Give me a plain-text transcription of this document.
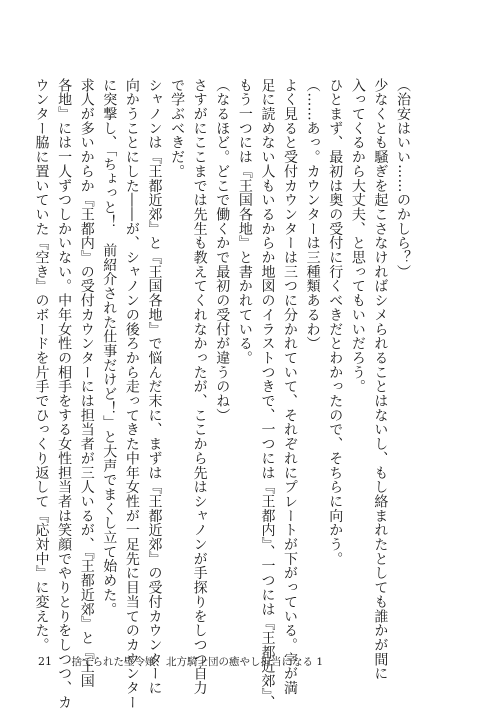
（治安はいい……のかしら？）

少なくとも騒ぎを起こさなければシメられることはないし、もし絡まれたとしても誰かが間に

入ってくるから大丈夫、と思ってもいいだろう。

ひとまず、最初は奥の受付に行くべきだとわかったので、そちらに向かう。

（……あっ。カウンターは三種類あるわ）

よく見ると受付カウンターは三つに分かれていて、それぞれにプレートが下がっている。字が満

足に読めない人もいるからか地図のイラストつきで、一つには『王都内』、一つには『王都近郊』、

もう一つには『王国各地』と書かれている。

（なるほど。どこで働くかで最初の受付が違うのね）

さすがにここまでは先生も教えてくれなかったが、ここから先はシャノンが手探りをしつつ自力

で学ぶべきだ。

シャノンは『王都近郊』と『王国各地』で悩んだ末に、まずは『王都近郊』の受付カウンターに

向かうことにした――が、シャノンの後ろから走ってきた中年女性が一足先に目当てのカウンター

に突撃し、「ちょっと！　前紹介された仕事だけど！」と大声でまくし立て始めた。

求人が多いからか『王都内』の受付カウンターには担当者が三人いるが、『王都近郊』と『王国

各地』には一人ずつしかいない。中年女性の相手をする女性担当者は笑顔でやりとりをしつつ、カ

ウンター脇に置いていた『空き』のボードを片手でひっくり返して『応対中』に変えた。

21 捨てられた壁令嬢、北方騎士団の癒やし担当になる 1
